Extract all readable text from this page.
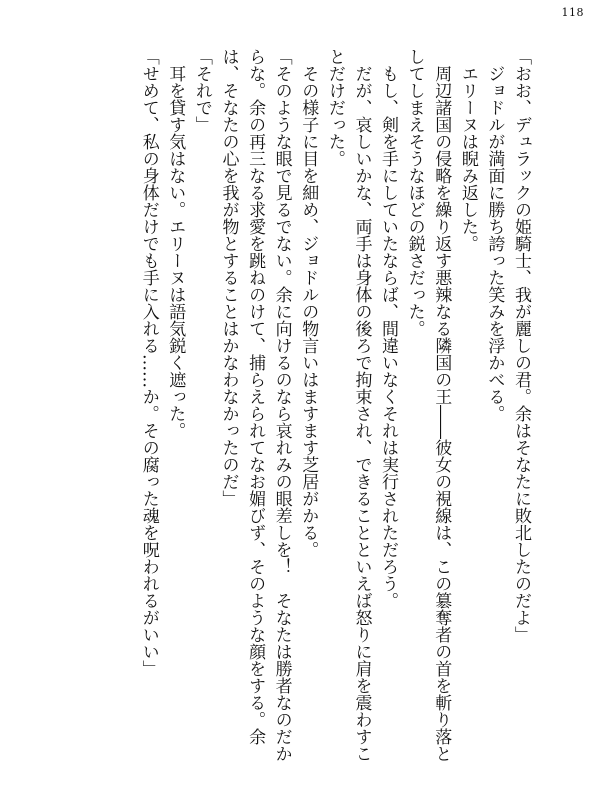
118

「おお、デュラックの姫騎士、我が麗しの君。余はそなたに敗北したのだよ」

ジョドルが満面に勝ち誇った笑みを浮かべる。

エリーヌは睨み返した。

周辺諸国の侵略を繰り返す悪辣なる隣国の王――彼女の視線は、この簒奪者の首を斬り落としてしまえそうなほどの鋭さだった。

もし、剣を手にしていたならば、間違いなくそれは実行されただろう。

だが、哀しいかな、両手は身体の後ろで拘束され、できることといえば怒りに肩を震わすことだけだった。

その様子に目を細め、ジョドルの物言いはますます芝居がかる。

「そのような眼で見るでない。余に向けるのなら哀れみの眼差しを！　そなたは勝者なのだからな。余の再三なる求愛を跳ねのけて、捕らえられてなお媚びず、そのような顔をする。余は、そなたの心を我が物とすることはかなわなかったのだ」

「それで」

耳を貸す気はない。エリーヌは語気鋭く遮った。

「せめて、私の身体だけでも手に入れる……か。その腐った魂を呪われるがいい」
